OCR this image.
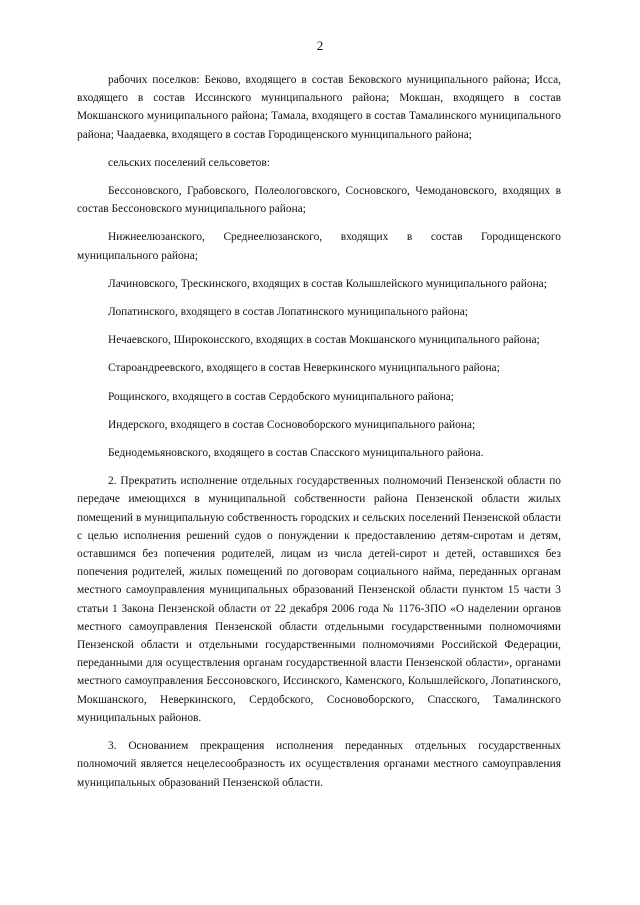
2

рабочих поселков: Беково, входящего в состав Бековского муниципального района; Исса, входящего в состав Иссинского муниципального района; Мокшан, входящего в состав Мокшанского муниципального района; Тамала, входящего в состав Тамалинского муниципального района; Чаадаевка, входящего в состав Городищенского муниципального района;

сельских поселений сельсоветов:

Бессоновского, Грабовского, Полеологовского, Сосновского, Чемодановского, входящих в состав Бессоновского муниципального района;

Нижнеелюзанского, Среднеелюзанского, входящих в состав Городищенского муниципального района;

Лачиновского, Трескинского, входящих в состав Колышлейского муниципального района;

Лопатинского, входящего в состав Лопатинского муниципального района;

Нечаевского, Широкоисского, входящих в состав Мокшанского муниципального района;

Староандреевского, входящего в состав Неверкинского муниципального района;

Рощинского, входящего в состав Сердобского муниципального района;

Индерского, входящего в состав Сосновоборского муниципального района;

Беднодемьяновского, входящего в состав Спасского муниципального района.

2. Прекратить исполнение отдельных государственных полномочий Пензенской области по передаче имеющихся в муниципальной собственности района Пензенской области жилых помещений в муниципальную собственность городских и сельских поселений Пензенской области с целью исполнения решений судов о понуждении к предоставлению детям-сиротам и детям, оставшимся без попечения родителей, лицам из числа детей-сирот и детей, оставшихся без попечения родителей, жилых помещений по договорам социального найма, переданных органам местного самоуправления муниципальных образований Пензенской области пунктом 15 части 3 статьи 1 Закона Пензенской области от 22 декабря 2006 года № 1176-ЗПО «О наделении органов местного самоуправления Пензенской области отдельными государственными полномочиями Пензенской области и отдельными государственными полномочиями Российской Федерации, переданными для осуществления органам государственной власти Пензенской области», органами местного самоуправления Бессоновского, Иссинского, Каменского, Колышлейского, Лопатинского, Мокшанского, Неверкинского, Сердобского, Сосновоборского, Спасского, Тамалинского муниципальных районов.

3. Основанием прекращения исполнения переданных отдельных государственных полномочий является нецелесообразность их осуществления органами местного самоуправления муниципальных образований Пензенской области.
